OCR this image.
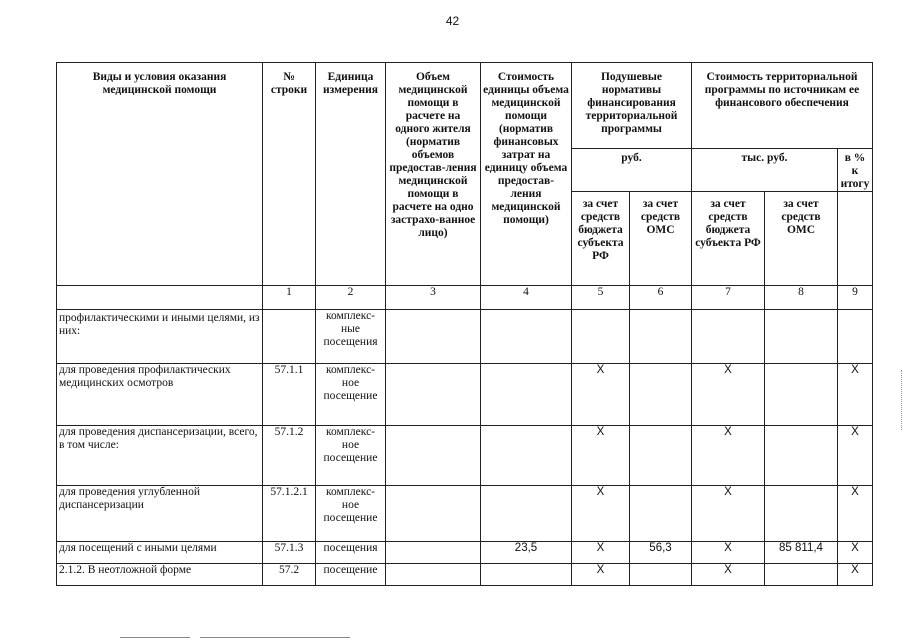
42
Виды и условия оказания медицинской помощи	№ строки	Единица измерения	Объем медицинской помощи в расчете на одного жителя (норматив объемов предостав-ления медицинской помощи в расчете на одно застрахо-ванное лицо)	Стоимость единицы объема медицинской помощи (норматив финансовых затрат на единицу объема предостав-ления медицинской помощи)	Подушевые нормативы финансирования территориальной программы		Стоимость территориальной программы по источникам ее финансового обеспечения		
					руб.		тыс. руб.		в % к итогу
					за счет средств бюджета субъекта РФ	за счет средств ОМС	за счет средств бюджета субъекта РФ	за счет средств ОМС	
	1	2	3	4	5	6	7	8	9
профилактическими и иными целями, из них:		комплекс-ные посещения							
для проведения профилактических медицинских осмотров	57.1.1	комплекс-ное посещение			X		X		X
для проведения диспансеризации, всего, в том числе:	57.1.2	комплекс-ное посещение			X		X		X
для проведения углубленной диспансеризации	57.1.2.1	комплекс-ное посещение			X		X		X
для посещений с иными целями	57.1.3	посещения		23,5	X	56,3	X	85 811,4	X
2.1.2. В неотложной форме	57.2	посещение			X		X		X
